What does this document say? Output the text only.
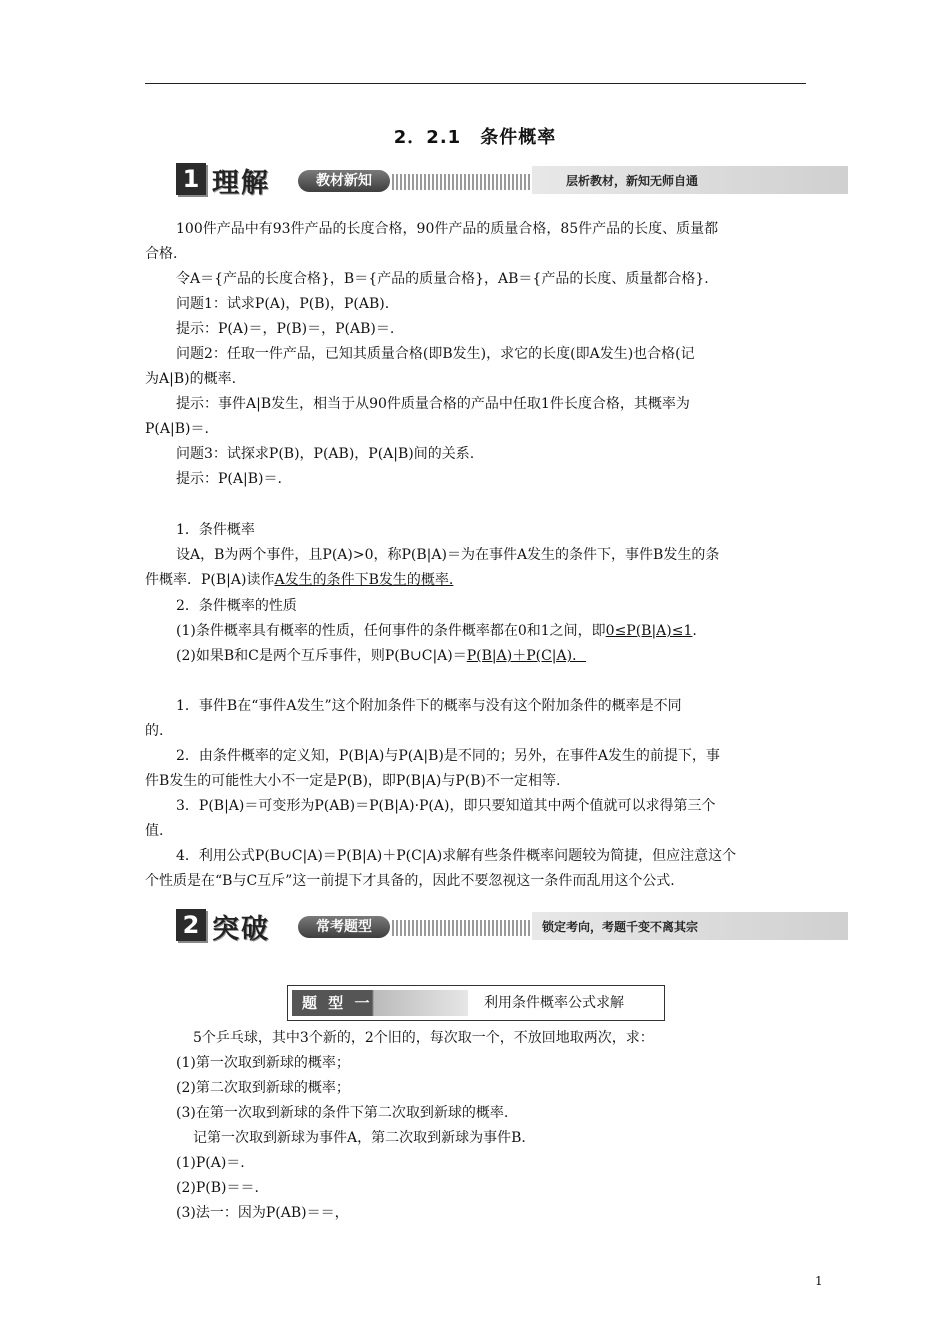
2．2.1　条件概率
1 理解	教材新知	层析教材，新知无师自通
100件产品中有93件产品的长度合格，90件产品的质量合格，85件产品的长度、质量都
合格.
令A＝{产品的长度合格}，B＝{产品的质量合格}，AB＝{产品的长度、质量都合格}.
问题1：试求P(A)，P(B)，P(AB).
提示：P(A)＝，P(B)＝，P(AB)＝.
问题2：任取一件产品，已知其质量合格(即B发生)，求它的长度(即A发生)也合格(记
为A|B)的概率.
提示：事件A|B发生，相当于从90件质量合格的产品中任取1件长度合格，其概率为
P(A|B)＝.
问题3：试探求P(B)，P(AB)，P(A|B)间的关系.
提示：P(A|B)＝.
1．条件概率
设A，B为两个事件，且P(A)>0，称P(B|A)＝为在事件A发生的条件下，事件B发生的条
件概率．P(B|A)读作A发生的条件下B发生的概率.
2．条件概率的性质
(1)条件概率具有概率的性质，任何事件的条件概率都在0和1之间，即0≤P(B|A)≤1.
(2)如果B和C是两个互斥事件，则P(B∪C|A)＝P(B|A)＋P(C|A)．
1．事件B在“事件A发生”这个附加条件下的概率与没有这个附加条件的概率是不同
的.
2．由条件概率的定义知，P(B|A)与P(A|B)是不同的；另外，在事件A发生的前提下，事
件B发生的可能性大小不一定是P(B)，即P(B|A)与P(B)不一定相等.
3．P(B|A)＝可变形为P(AB)＝P(B|A)·P(A)，即只要知道其中两个值就可以求得第三个
值.
4．利用公式P(B∪C|A)＝P(B|A)＋P(C|A)求解有些条件概率问题较为简捷，但应注意这个
个性质是在“B与C互斥”这一前提下才具备的，因此不要忽视这一条件而乱用这个公式.
2 突破	常考题型	锁定考向，考题千变不离其宗
题 型 一	利用条件概率公式求解
5个乒乓球，其中3个新的，2个旧的，每次取一个，不放回地取两次，求：
(1)第一次取到新球的概率；
(2)第二次取到新球的概率；
(3)在第一次取到新球的条件下第二次取到新球的概率.
记第一次取到新球为事件A，第二次取到新球为事件B.
(1)P(A)＝.
(2)P(B)＝＝.
(3)法一：因为P(AB)＝＝，
1
